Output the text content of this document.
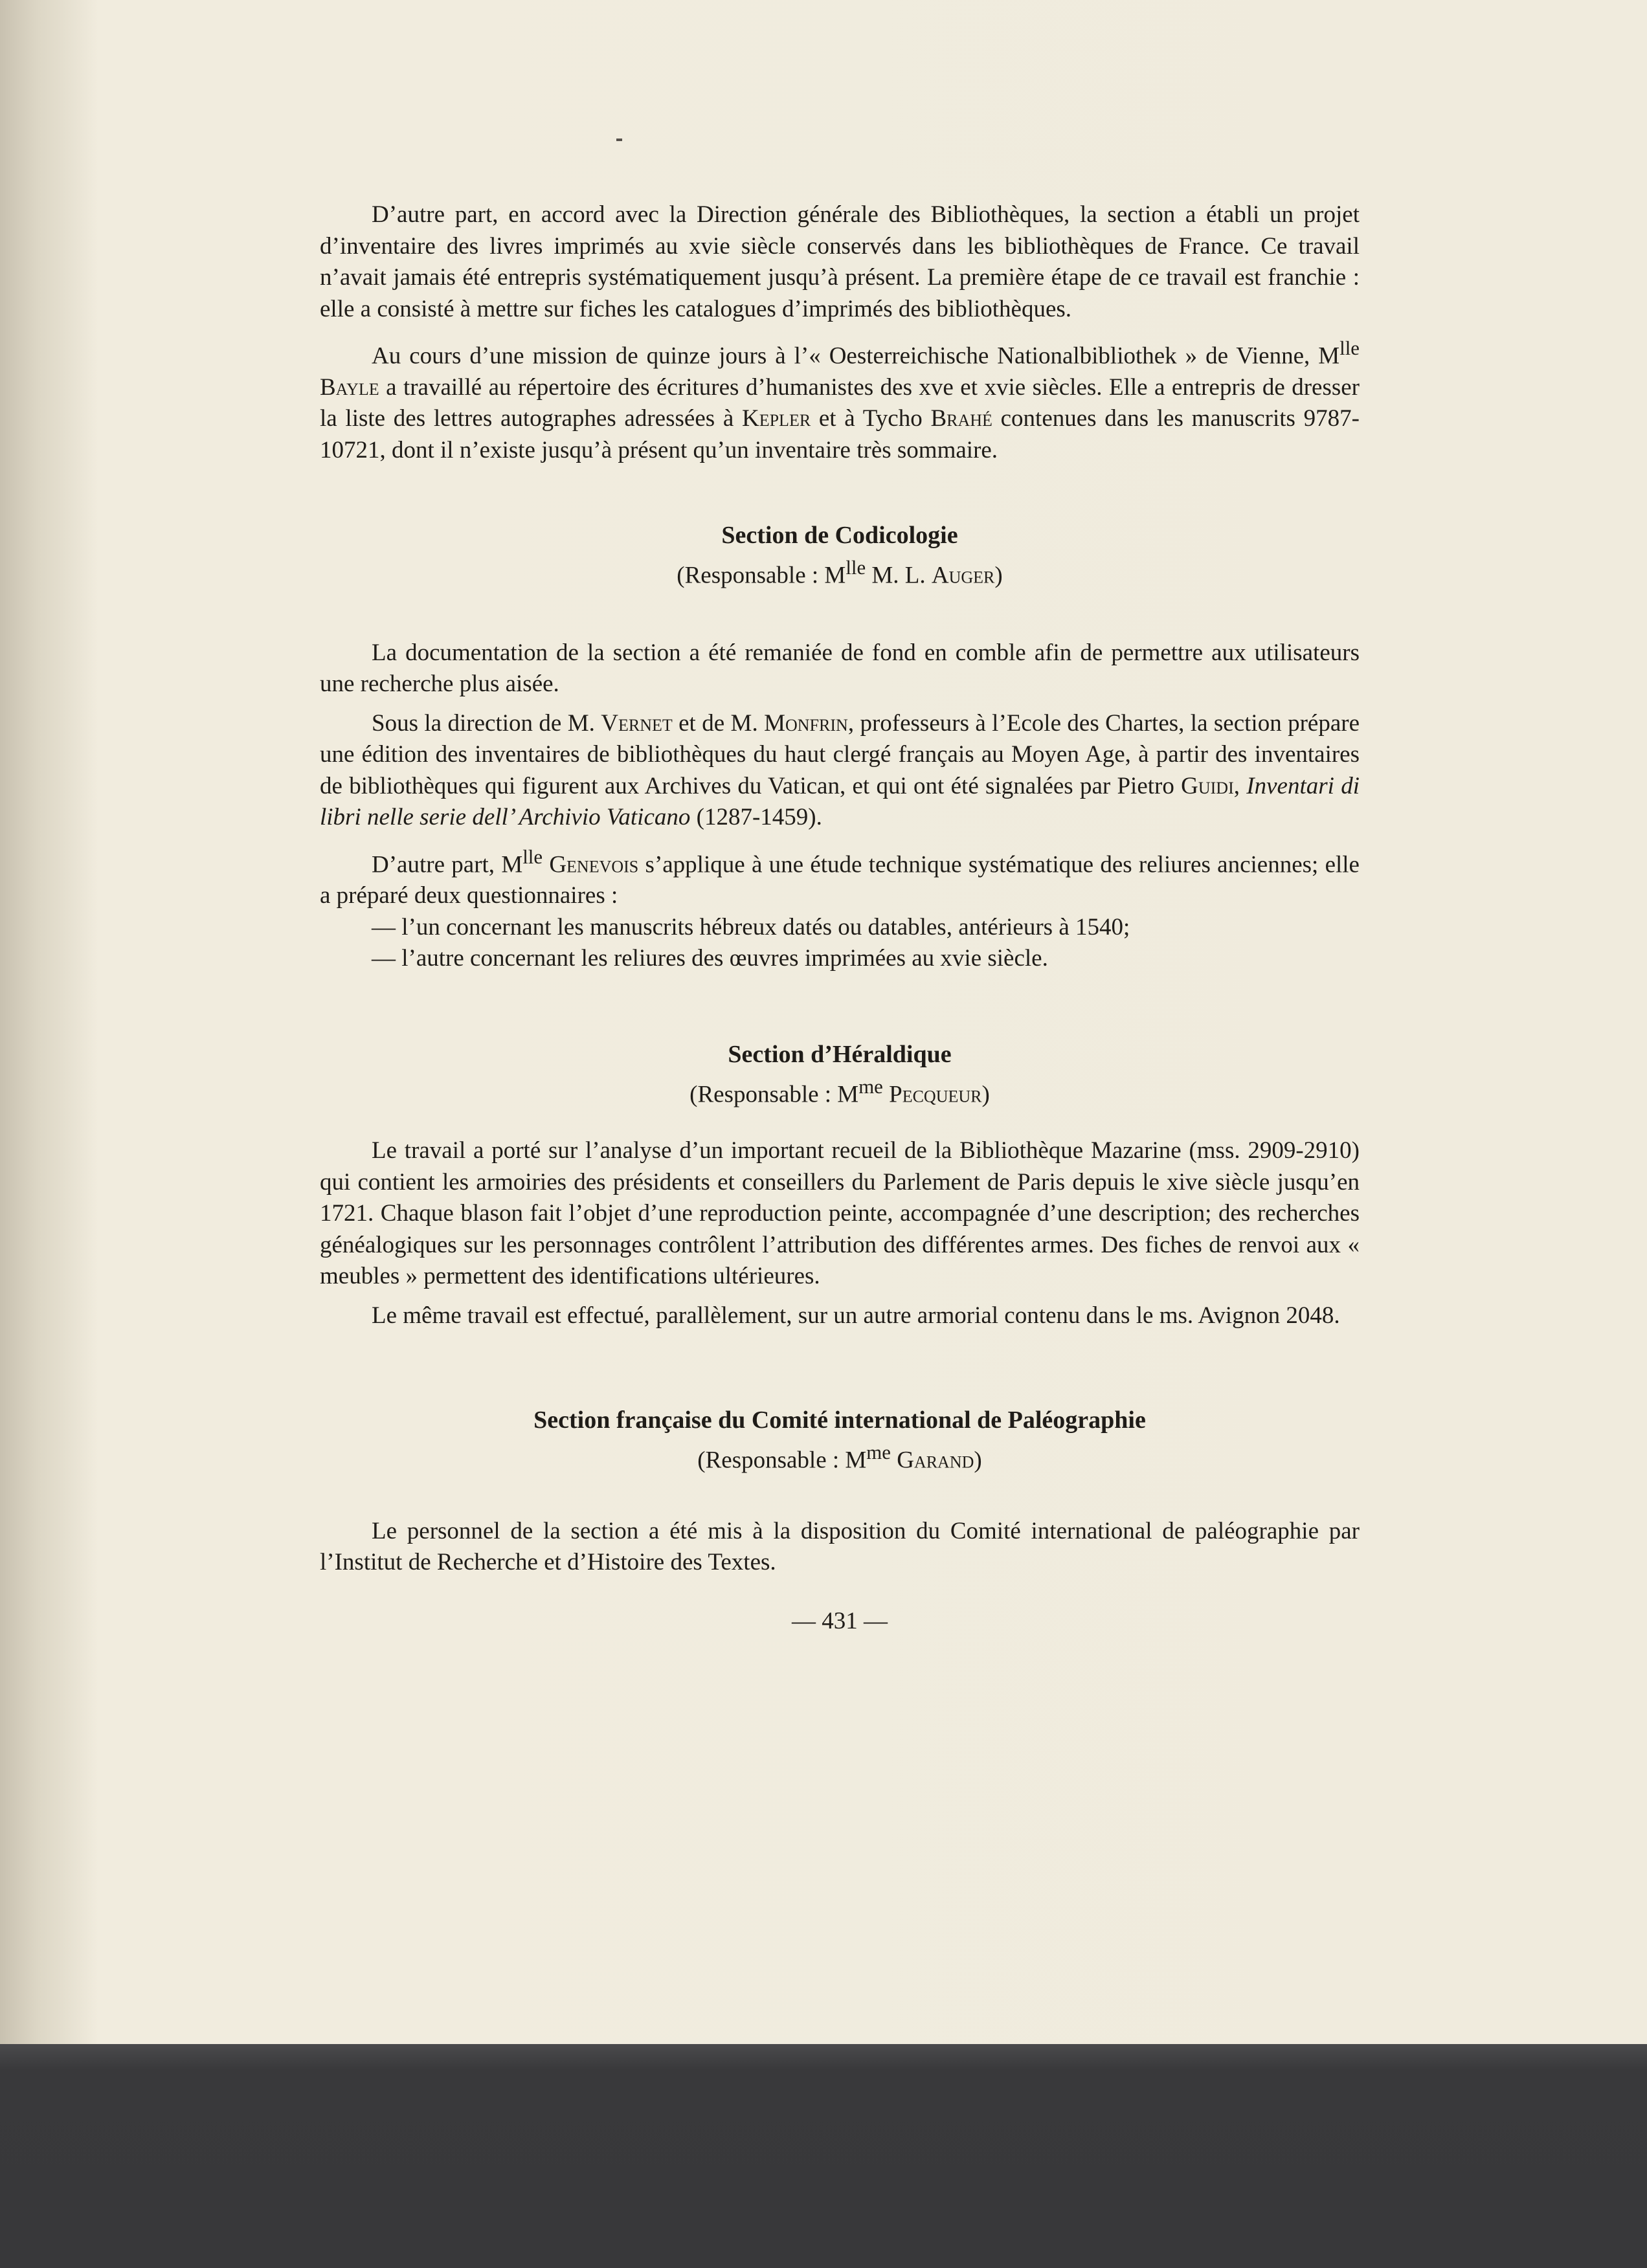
D’autre part, en accord avec la Direction générale des Bibliothèques, la section a établi un projet d’inventaire des livres imprimés au xvie siècle conservés dans les bibliothèques de France. Ce travail n’avait jamais été entrepris systématiquement jusqu’à présent. La première étape de ce travail est franchie : elle a consisté à mettre sur fiches les catalogues d’imprimés des bibliothèques.

Au cours d’une mission de quinze jours à l’« Oesterreichische Nationalbibliothek » de Vienne, $M^{lle}$ Bayle a travaillé au répertoire des écritures d’humanistes des xve et xvie siècles. Elle a entrepris de dresser la liste des lettres autographes adressées à Kepler et à Tycho Brahé contenues dans les manuscrits 9787-10721, dont il n’existe jusqu’à présent qu’un inventaire très sommaire.

Section de Codicologie

(Responsable : $M^{lle}$ M. L. Auger)

La documentation de la section a été remaniée de fond en comble afin de permettre aux utilisateurs une recherche plus aisée.

Sous la direction de M. Vernet et de M. Monfrin, professeurs à l’Ecole des Chartes, la section prépare une édition des inventaires de bibliothèques du haut clergé français au Moyen Age, à partir des inventaires de bibliothèques qui figurent aux Archives du Vatican, et qui ont été signalées par Pietro Guidi, Inventari di libri nelle serie dell’ Archivio Vaticano (1287-1459).

D’autre part, $M^{lle}$ Genevois s’applique à une étude technique systématique des reliures anciennes; elle a préparé deux questionnaires :

— l’un concernant les manuscrits hébreux datés ou datables, antérieurs à 1540;

— l’autre concernant les reliures des œuvres imprimées au xvie siècle.

Section d’Héraldique

(Responsable : $M^{me}$ Pecqueur)

Le travail a porté sur l’analyse d’un important recueil de la Bibliothèque Mazarine (mss. 2909-2910) qui contient les armoiries des présidents et conseillers du Parlement de Paris depuis le xive siècle jusqu’en 1721. Chaque blason fait l’objet d’une reproduction peinte, accompagnée d’une description; des recherches généalogiques sur les personnages contrôlent l’attribution des différentes armes. Des fiches de renvoi aux « meubles » permettent des identifications ultérieures.

Le même travail est effectué, parallèlement, sur un autre armorial contenu dans le ms. Avignon 2048.

Section française du Comité international de Paléographie

(Responsable : $M^{me}$ Garand)

Le personnel de la section a été mis à la disposition du Comité international de paléographie par l’Institut de Recherche et d’Histoire des Textes.

— 431 —
